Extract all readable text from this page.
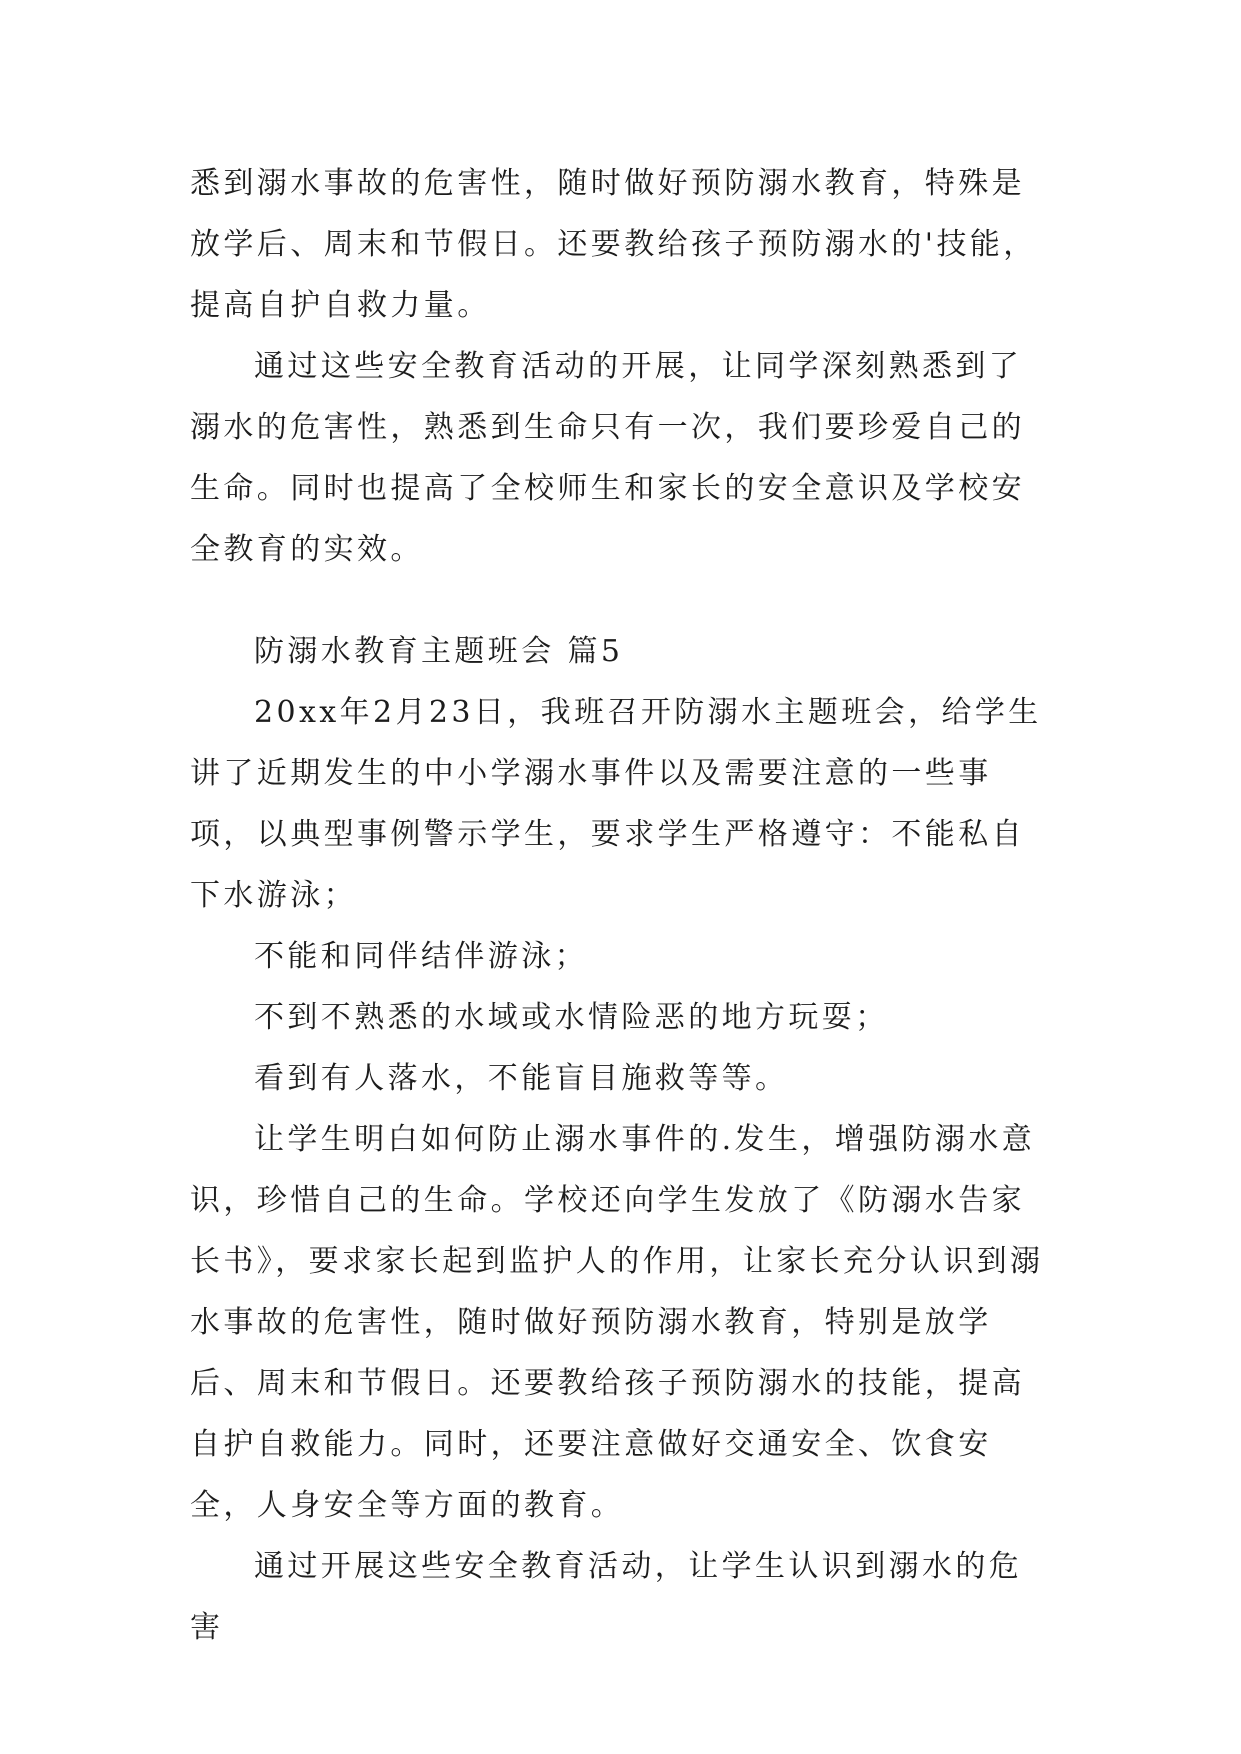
悉到溺水事故的危害性，随时做好预防溺水教育，特殊是放学后、周末和节假日。还要教给孩子预防溺水的'技能，提高自护自救力量。

通过这些安全教育活动的开展，让同学深刻熟悉到了溺水的危害性，熟悉到生命只有一次，我们要珍爱自己的生命。同时也提高了全校师生和家长的安全意识及学校安全教育的实效。

防溺水教育主题班会 篇5

20xx年2月23日，我班召开防溺水主题班会，给学生讲了近期发生的中小学溺水事件以及需要注意的一些事项，以典型事例警示学生，要求学生严格遵守：不能私自下水游泳；

不能和同伴结伴游泳；

不到不熟悉的水域或水情险恶的地方玩耍；

看到有人落水，不能盲目施救等等。

让学生明白如何防止溺水事件的.发生，增强防溺水意识，珍惜自己的生命。学校还向学生发放了《防溺水告家长书》，要求家长起到监护人的作用，让家长充分认识到溺水事故的危害性，随时做好预防溺水教育，特别是放学后、周末和节假日。还要教给孩子预防溺水的技能，提高自护自救能力。同时，还要注意做好交通安全、饮食安全，人身安全等方面的教育。

通过开展这些安全教育活动，让学生认识到溺水的危害
